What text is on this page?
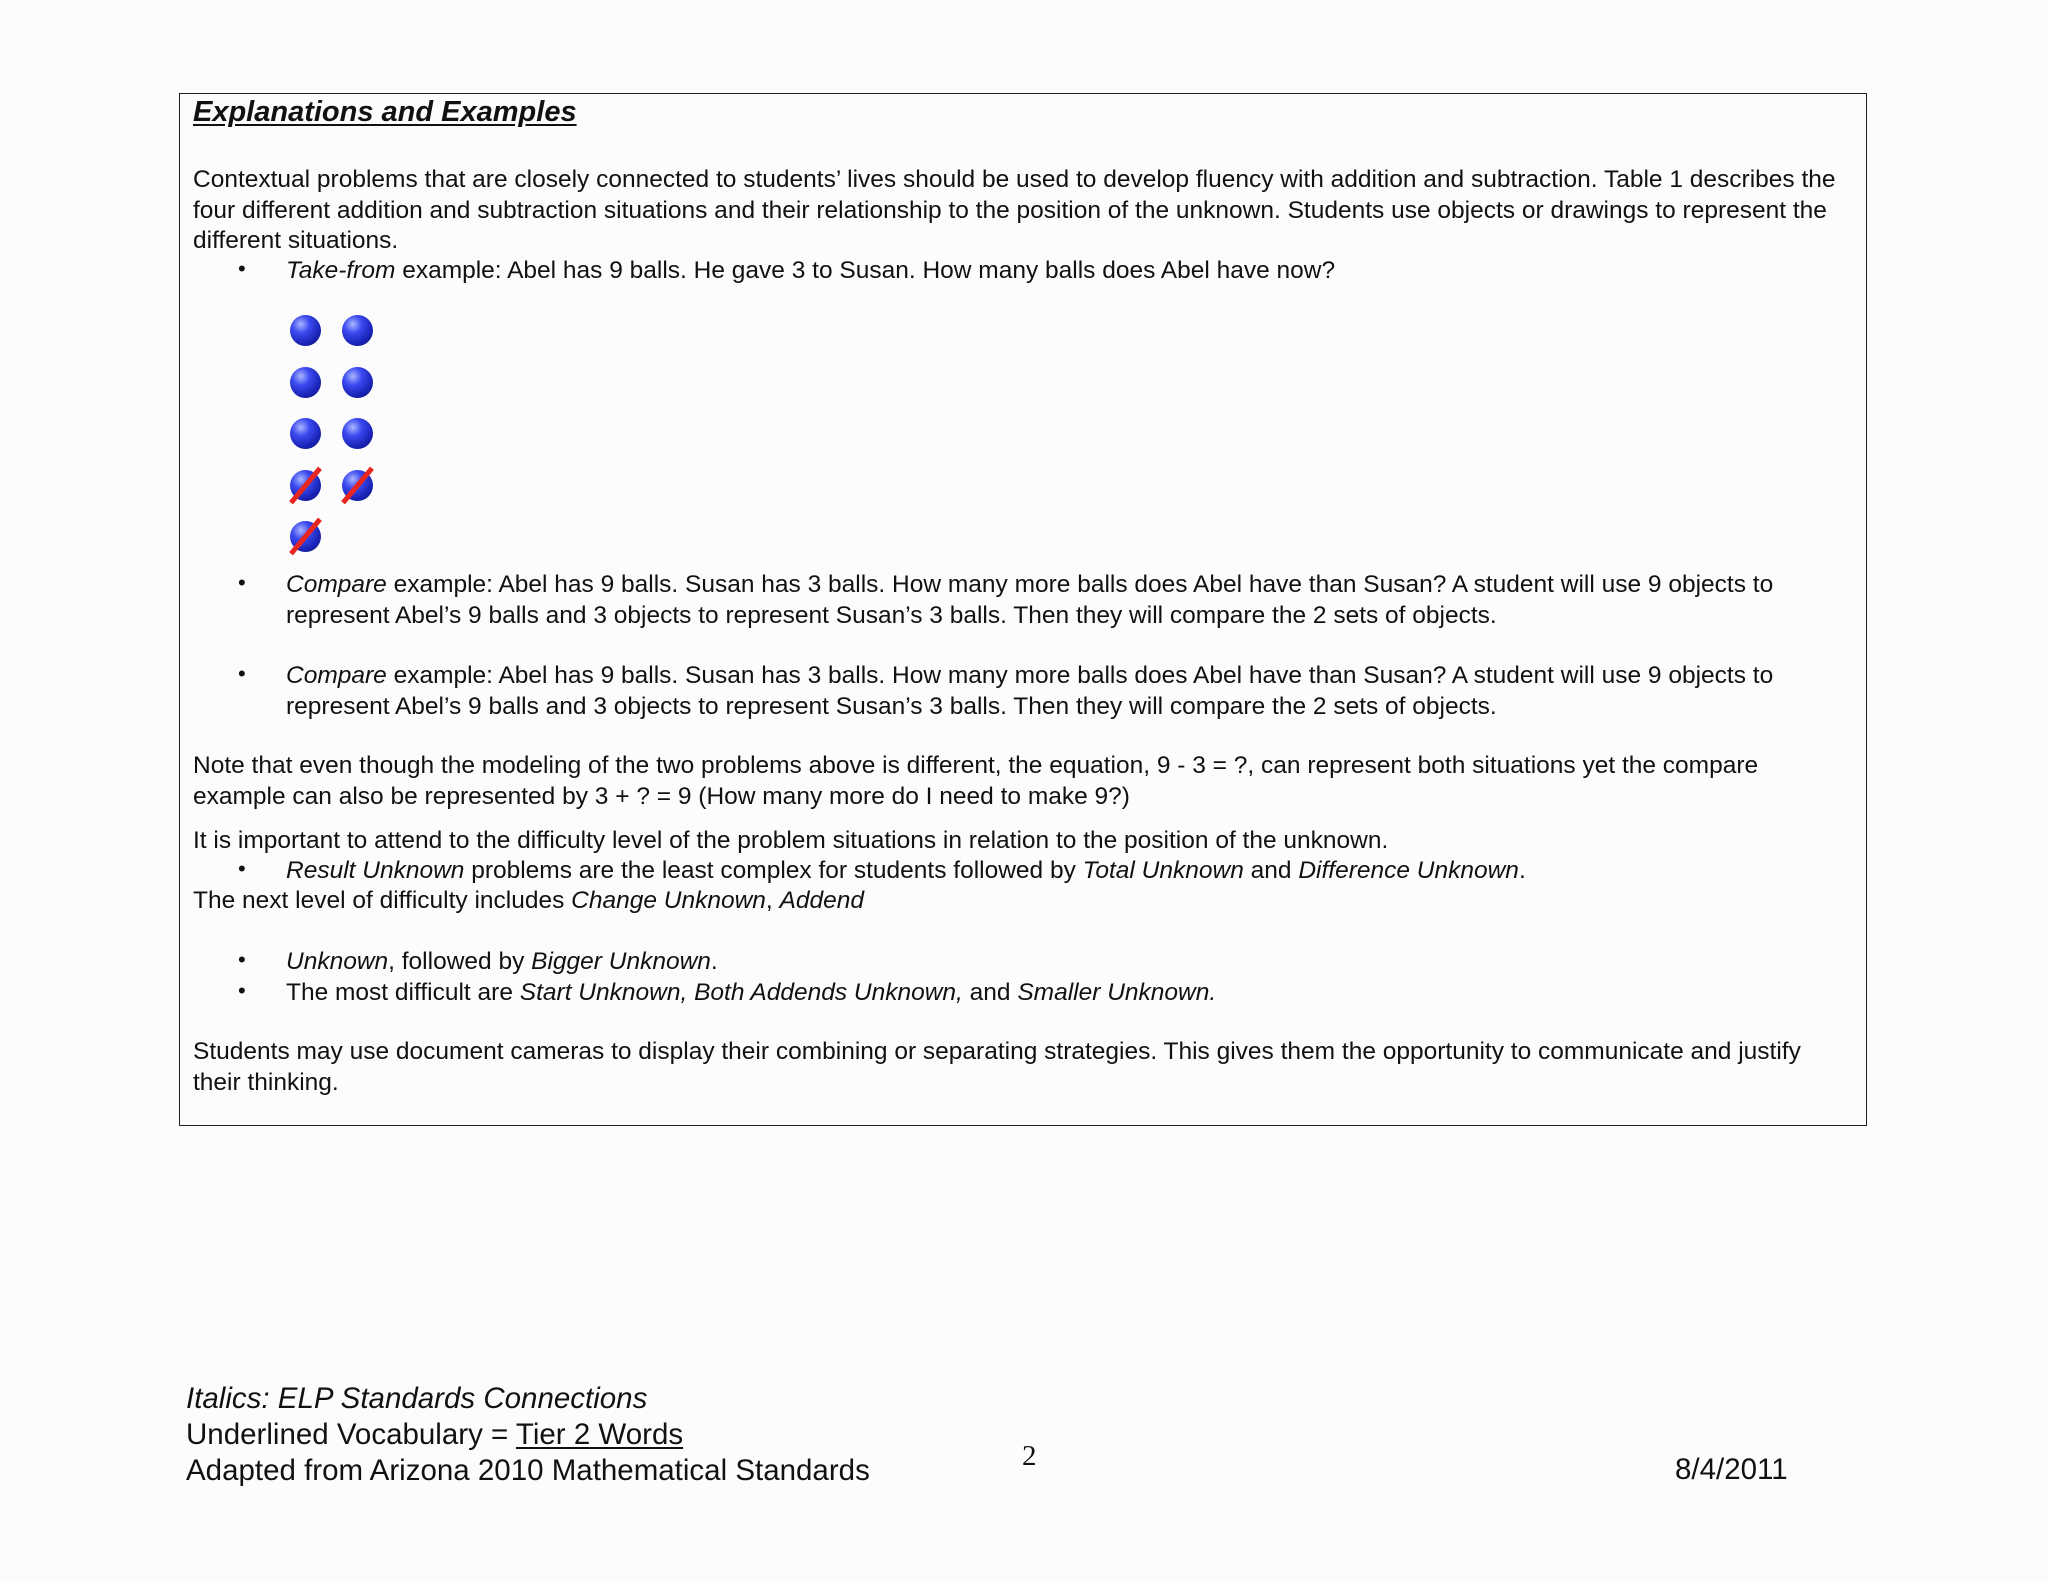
Explanations and Examples
Contextual problems that are closely connected to students’ lives should be used to develop fluency with addition and subtraction. Table 1 describes the four different addition and subtraction situations and their relationship to the position of the unknown. Students use objects or drawings to represent the different situations.
• Take-from example: Abel has 9 balls. He gave 3 to Susan. How many balls does Abel have now?
• Compare example: Abel has 9 balls. Susan has 3 balls. How many more balls does Abel have than Susan? A student will use 9 objects to represent Abel’s 9 balls and 3 objects to represent Susan’s 3 balls. Then they will compare the 2 sets of objects.
• Compare example: Abel has 9 balls. Susan has 3 balls. How many more balls does Abel have than Susan? A student will use 9 objects to represent Abel’s 9 balls and 3 objects to represent Susan’s 3 balls. Then they will compare the 2 sets of objects.
Note that even though the modeling of the two problems above is different, the equation, 9 - 3 = ?, can represent both situations yet the compare example can also be represented by 3 + ? = 9 (How many more do I need to make 9?)
It is important to attend to the difficulty level of the problem situations in relation to the position of the unknown.
• Result Unknown problems are the least complex for students followed by Total Unknown and Difference Unknown.
The next level of difficulty includes Change Unknown, Addend
• Unknown, followed by Bigger Unknown.
• The most difficult are Start Unknown, Both Addends Unknown, and Smaller Unknown.
Students may use document cameras to display their combining or separating strategies. This gives them the opportunity to communicate and justify their thinking.
Italics: ELP Standards Connections
Underlined Vocabulary = Tier 2 Words
Adapted from Arizona 2010 Mathematical Standards	2	8/4/2011
